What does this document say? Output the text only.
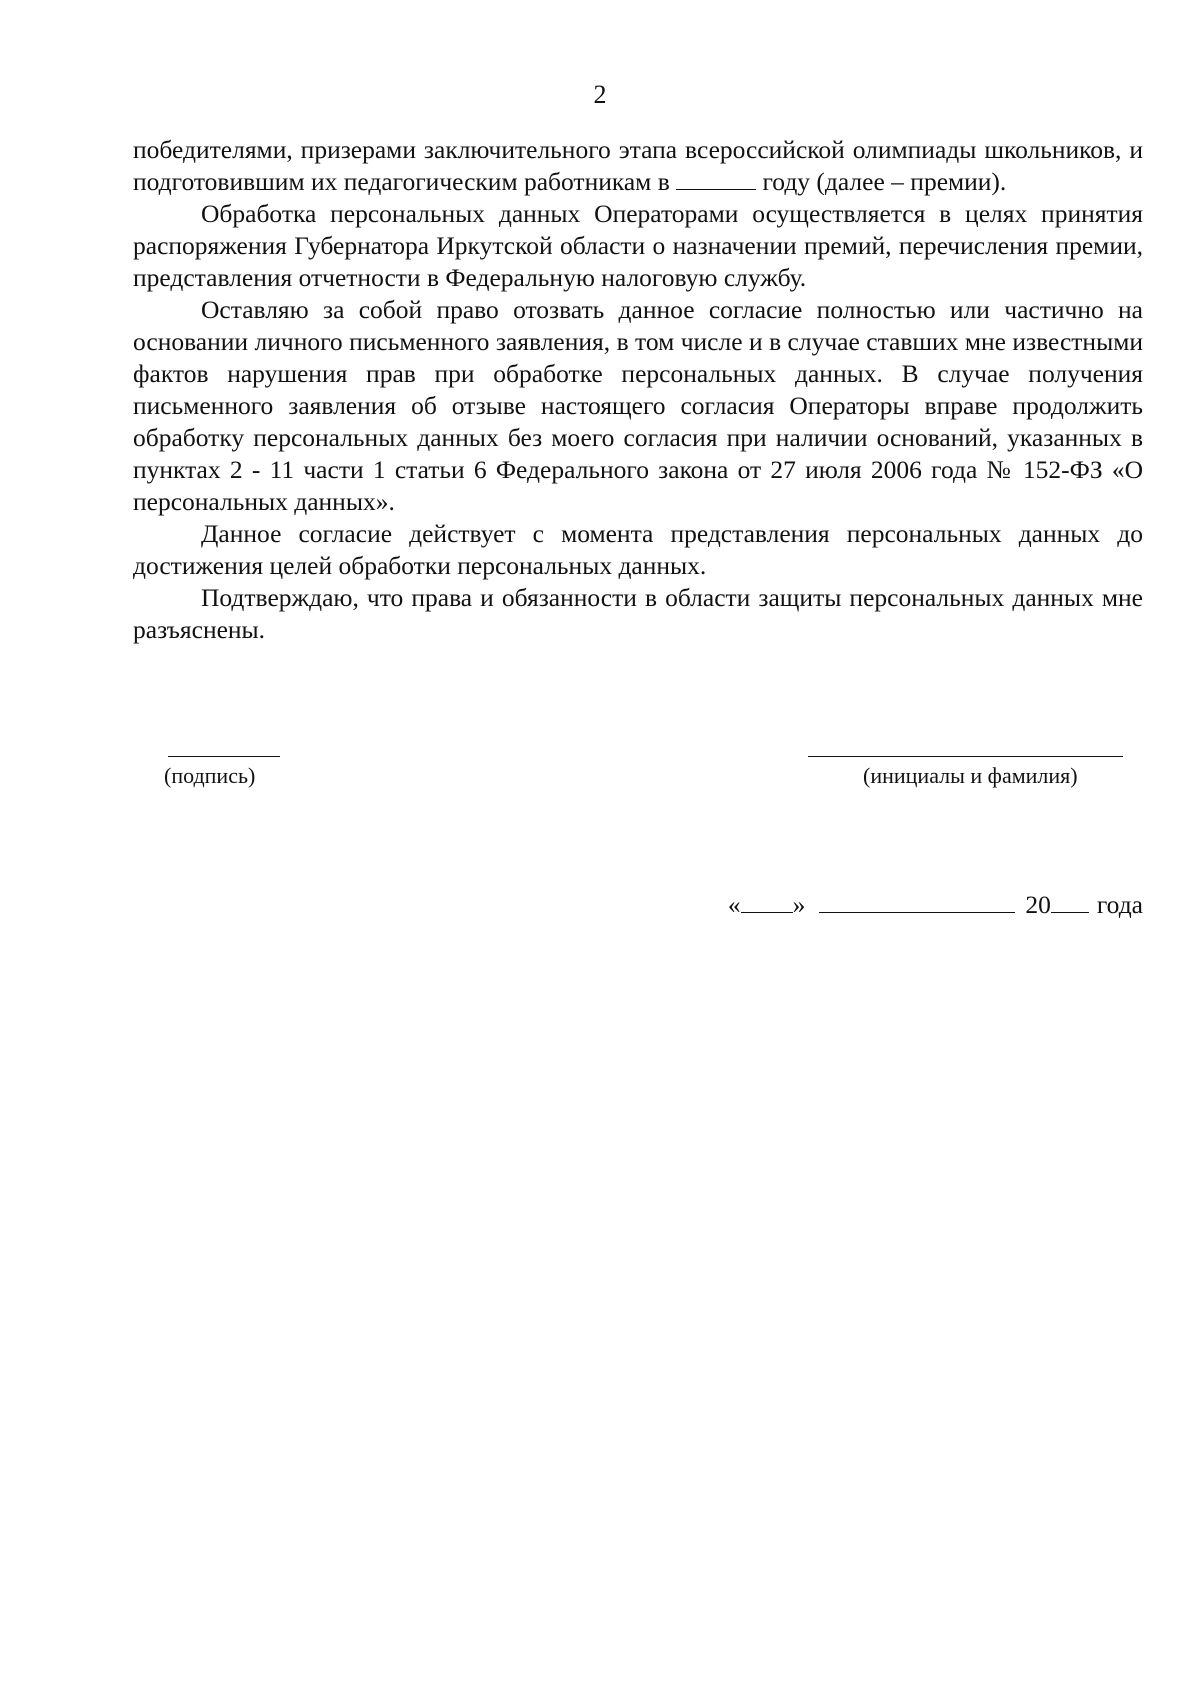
2

победителями, призерами заключительного этапа всероссийской олимпиады школьников, и подготовившим их педагогическим работникам в	году (далее – премии).

Обработка персональных данных Операторами осуществляется в целях принятия распоряжения Губернатора Иркутской области о назначении премий, перечисления премии, представления отчетности в Федеральную налоговую службу.

Оставляю за собой право отозвать данное согласие полностью или частично на основании личного письменного заявления, в том числе и в случае ставших мне известными фактов нарушения прав при обработке персональных данных. В случае получения письменного заявления об отзыве настоящего согласия Операторы вправе продолжить обработку персональных данных без моего согласия при наличии оснований, указанных в пунктах 2 - 11 части 1 статьи 6 Федерального закона от 27 июля 2006 года № 152-ФЗ «О персональных данных».

Данное согласие действует с момента представления персональных данных до достижения целей обработки персональных данных.

Подтверждаю, что права и обязанности в области защиты персональных данных мне разъяснены.

(подпись)	(инициалы и фамилия)
« »	20 года
